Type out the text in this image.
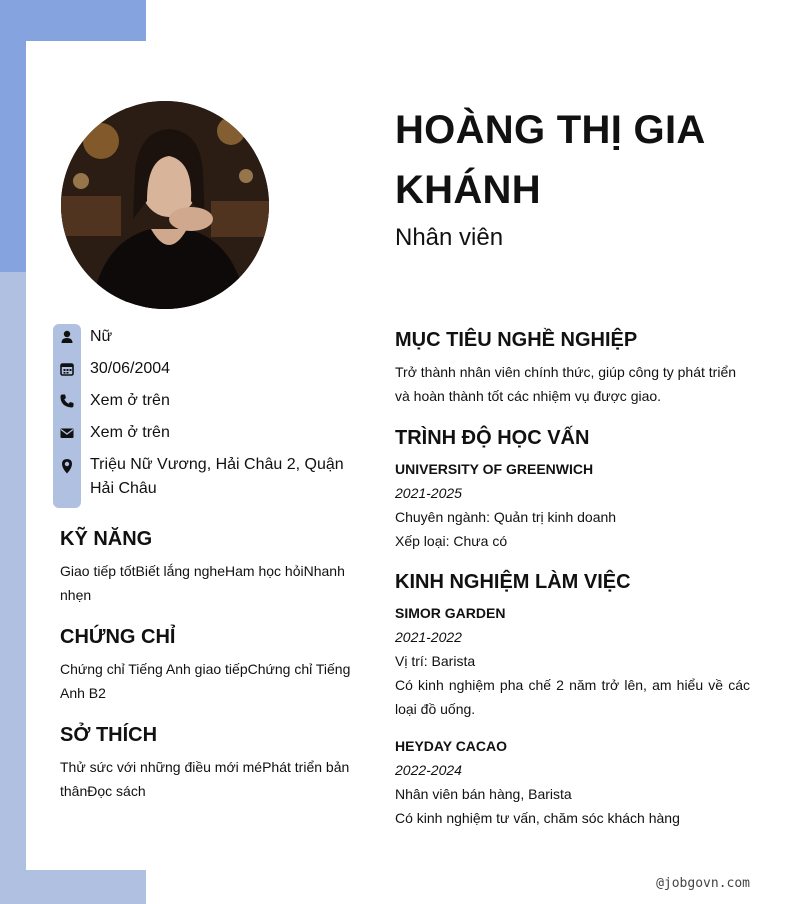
HOÀNG THỊ GIA KHÁNH
Nhân viên
Nữ
30/06/2004
Xem ở trên
Xem ở trên
Triệu Nữ Vương, Hải Châu 2, Quận Hải Châu
KỸ NĂNG
Giao tiếp tốtBiết lắng ngheHam học hỏiNhanh nhẹn
CHỨNG CHỈ
Chứng chỉ Tiếng Anh giao tiếpChứng chỉ Tiếng Anh B2
SỞ THÍCH
Thử sức với những điều mới méPhát triển bản thânĐọc sách
MỤC TIÊU NGHỀ NGHIỆP
Trở thành nhân viên chính thức, giúp công ty phát triển và hoàn thành tốt các nhiệm vụ được giao.
TRÌNH ĐỘ HỌC VẤN
UNIVERSITY OF GREENWICH
2021-2025
Chuyên ngành: Quản trị kinh doanh
Xếp loại: Chưa có
KINH NGHIỆM LÀM VIỆC
SIMOR GARDEN
2021-2022
Vị trí: Barista
Có kinh nghiệm pha chế 2 năm trở lên, am hiểu về các loại đồ uống.
HEYDAY CACAO
2022-2024
Nhân viên bán hàng, Barista
Có kinh nghiệm tư vấn, chăm sóc khách hàng
@jobgovn.com
